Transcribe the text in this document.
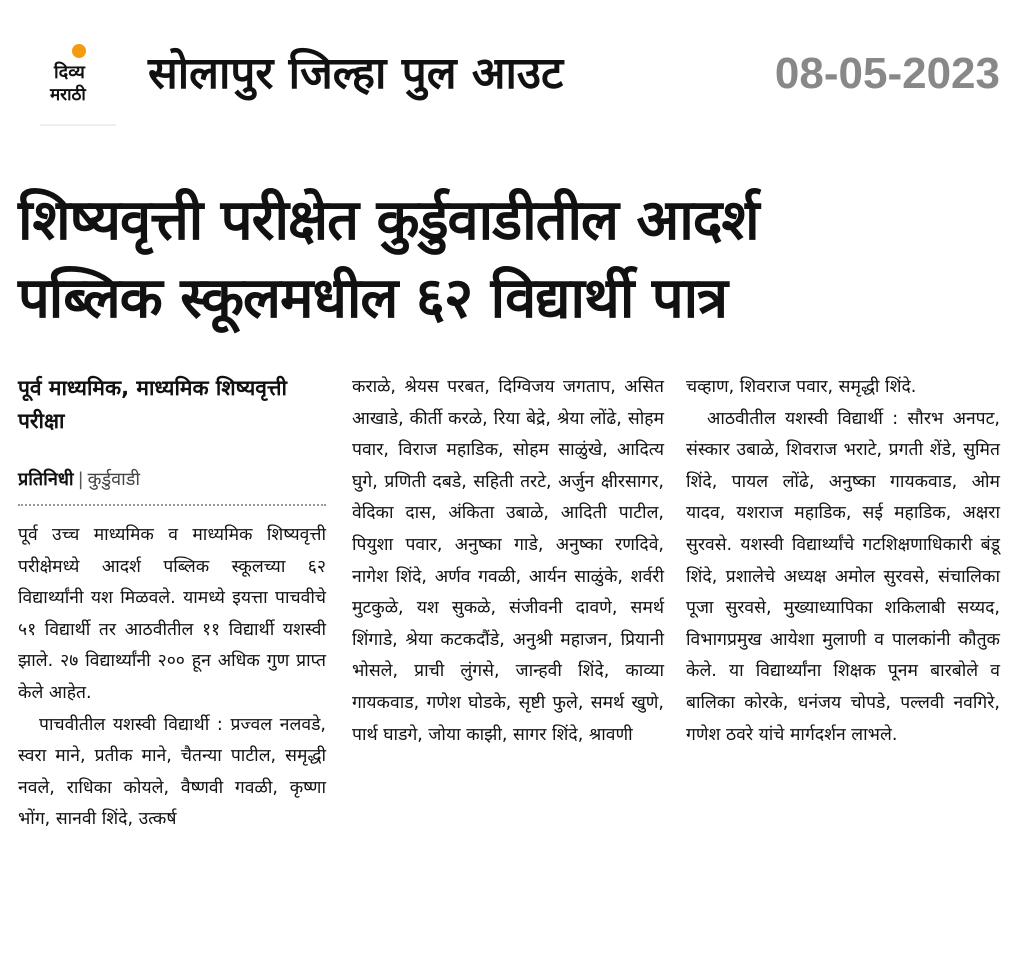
दिव्य
मराठी सोलापुर जिल्हा पुल आउट	08-05-2023
शिष्यवृत्ती परीक्षेत कुर्डुवाडीतील आदर्श
पब्लिक स्कूलमधील ६२ विद्यार्थी पात्र
पूर्व माध्यमिक, माध्यमिक शिष्यवृत्ती परीक्षा
प्रतिनिधी | कुर्डुवाडी

पूर्व उच्च माध्यमिक व माध्यमिक शिष्यवृत्ती परीक्षेमध्ये आदर्श पब्लिक स्कूलच्या ६२ विद्यार्थ्यांनी यश मिळवले. यामध्ये इयत्ता पाचवीचे ५१ विद्यार्थी तर आठवीतील ११ विद्यार्थी यशस्वी झाले. २७ विद्यार्थ्यांनी २०० हून अधिक गुण प्राप्त केले आहेत.

पाचवीतील यशस्वी विद्यार्थी : प्रज्वल नलवडे, स्वरा माने, प्रतीक माने, चैतन्या पाटील, समृद्धी नवले, राधिका कोयले, वैष्णवी गवळी, कृष्णा भोंग, सानवी शिंदे, उत्कर्ष

कराळे, श्रेयस परबत, दिग्विजय जगताप, असित आखाडे, कीर्ती करळे, रिया बेद्रे, श्रेया लोंढे, सोहम पवार, विराज महाडिक, सोहम साळुंखे, आदित्य घुगे, प्रणिती दबडे, सहिती तरटे, अर्जुन क्षीरसागर, वेदिका दास, अंकिता उबाळे, आदिती पाटील, पियुशा पवार, अनुष्का गाडे, अनुष्का रणदिवे, नागेश शिंदे, अर्णव गवळी, आर्यन साळुंके, शर्वरी मुटकुळे, यश सुकळे, संजीवनी दावणे, समर्थ शिंगाडे, श्रेया कटकदौंडे, अनुश्री महाजन, प्रियानी भोसले, प्राची लुंगसे, जान्हवी शिंदे, काव्या गायकवाड, गणेश घोडके, सृष्टी फुले, समर्थ खुणे, पार्थ घाडगे, जोया काझी, सागर शिंदे, श्रावणी

चव्हाण, शिवराज पवार, समृद्धी शिंदे.

आठवीतील यशस्वी विद्यार्थी : सौरभ अनपट, संस्कार उबाळे, शिवराज भराटे, प्रगती शेंडे, सुमित शिंदे, पायल लोंढे, अनुष्का गायकवाड, ओम यादव, यशराज महाडिक, सई महाडिक, अक्षरा सुरवसे. यशस्वी विद्यार्थ्यांचे गटशिक्षणाधिकारी बंडू शिंदे, प्रशालेचे अध्यक्ष अमोल सुरवसे, संचालिका पूजा सुरवसे, मुख्याध्यापिका शकिलाबी सय्यद, विभागप्रमुख आयेशा मुलाणी व पालकांनी कौतुक केले. या विद्यार्थ्यांना शिक्षक पूनम बारबोले व बालिका कोरके, धनंजय चोपडे, पल्लवी नवगिरे, गणेश ठवरे यांचे मार्गदर्शन लाभले.
